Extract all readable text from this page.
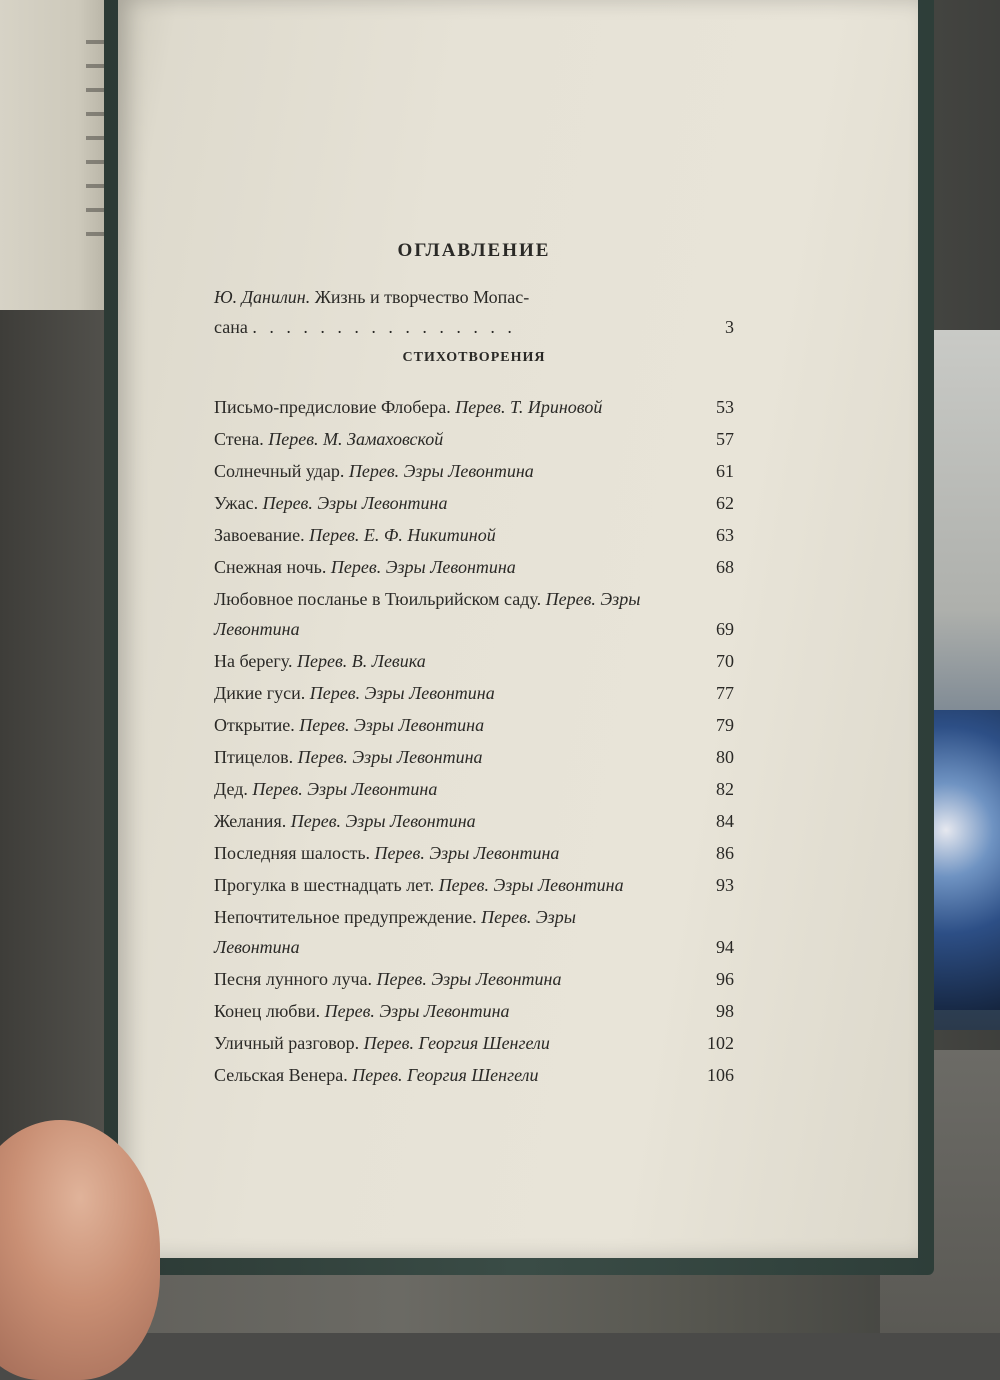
ОГЛАВЛЕНИЕ
Ю. Данилин. Жизнь и творчество Мопас-
сана . . . . . . . . . . . . . . . .	3
СТИХОТВОРЕНИЯ
Письмо-предисловие Флобера. Перев. Т. Ириновой	53
Стена. Перев. М. Замаховской	57
Солнечный удар. Перев. Эзры Левонтина	61
Ужас. Перев. Эзры Левонтина	62
Завоевание. Перев. Е. Ф. Никитиной	63
Снежная ночь. Перев. Эзры Левонтина	68
Любовное посланье в Тюильрийском саду. Перев. Эзры Левонтина	69
На берегу. Перев. В. Левика	70
Дикие гуси. Перев. Эзры Левонтина	77
Открытие. Перев. Эзры Левонтина	79
Птицелов. Перев. Эзры Левонтина	80
Дед. Перев. Эзры Левонтина	82
Желания. Перев. Эзры Левонтина	84
Последняя шалость. Перев. Эзры Левонтина	86
Прогулка в шестнадцать лет. Перев. Эзры Левонтина	93
Непочтительное предупреждение. Перев. Эзры Левонтина	94
Песня лунного луча. Перев. Эзры Левонтина	96
Конец любви. Перев. Эзры Левонтина	98
Уличный разговор. Перев. Георгия Шенгели	102
Сельская Венера. Перев. Георгия Шенгели	106
